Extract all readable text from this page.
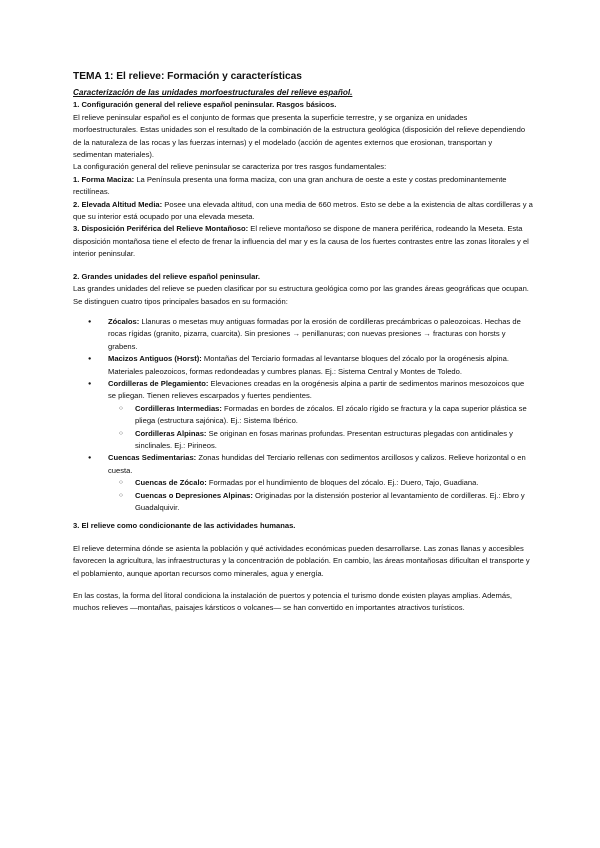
TEMA 1: El relieve: Formación y características

Caracterización de las unidades morfoestructurales del relieve español.

1. Configuración general del relieve español peninsular. Rasgos básicos.

El relieve peninsular español es el conjunto de formas que presenta la superficie terrestre, y se organiza en unidades morfoestructurales. Estas unidades son el resultado de la combinación de la estructura geológica (disposición del relieve dependiendo de la naturaleza de las rocas y las fuerzas internas) y el modelado (acción de agentes externos que erosionan, transportan y sedimentan materiales).

La configuración general del relieve peninsular se caracteriza por tres rasgos fundamentales:

1. Forma Maciza: La Península presenta una forma maciza, con una gran anchura de oeste a este y costas predominantemente rectilíneas.

2. Elevada Altitud Media: Posee una elevada altitud, con una media de 660 metros. Esto se debe a la existencia de altas cordilleras y a que su interior está ocupado por una elevada meseta.

3. Disposición Periférica del Relieve Montañoso: El relieve montañoso se dispone de manera periférica, rodeando la Meseta. Esta disposición montañosa tiene el efecto de frenar la influencia del mar y es la causa de los fuertes contrastes entre las zonas litorales y el interior peninsular.

2. Grandes unidades del relieve español peninsular.

Las grandes unidades del relieve se pueden clasificar por su estructura geológica como por las grandes áreas geográficas que ocupan. Se distinguen cuatro tipos principales basados en su formación:

● Zócalos: Llanuras o mesetas muy antiguas formadas por la erosión de cordilleras precámbricas o paleozoicas. Hechas de rocas rígidas (granito, pizarra, cuarcita). Sin presiones → penillanuras; con nuevas presiones → fracturas con horsts y grabens.
● Macizos Antiguos (Horst): Montañas del Terciario formadas al levantarse bloques del zócalo por la orogénesis alpina. Materiales paleozoicos, formas redondeadas y cumbres planas. Ej.: Sistema Central y Montes de Toledo.
● Cordilleras de Plegamiento: Elevaciones creadas en la orogénesis alpina a partir de sedimentos marinos mesozoicos que se pliegan. Tienen relieves escarpados y fuertes pendientes.
○ Cordilleras Intermedias: Formadas en bordes de zócalos. El zócalo rígido se fractura y la capa superior plástica se pliega (estructura sajónica). Ej.: Sistema Ibérico.
○ Cordilleras Alpinas: Se originan en fosas marinas profundas. Presentan estructuras plegadas con antidinales y sinclinales. Ej.: Pirineos.
● Cuencas Sedimentarias: Zonas hundidas del Terciario rellenas con sedimentos arcillosos y calizos. Relieve horizontal o en cuesta.
○ Cuencas de Zócalo: Formadas por el hundimiento de bloques del zócalo. Ej.: Duero, Tajo, Guadiana.
○ Cuencas o Depresiones Alpinas: Originadas por la distensión posterior al levantamiento de cordilleras. Ej.: Ebro y Guadalquivir.

3. El relieve como condicionante de las actividades humanas.

El relieve determina dónde se asienta la población y qué actividades económicas pueden desarrollarse. Las zonas llanas y accesibles favorecen la agricultura, las infraestructuras y la concentración de población. En cambio, las áreas montañosas dificultan el transporte y el poblamiento, aunque aportan recursos como minerales, agua y energía.

En las costas, la forma del litoral condiciona la instalación de puertos y potencia el turismo donde existen playas amplias. Además, muchos relieves —montañas, paisajes kársticos o volcanes— se han convertido en importantes atractivos turísticos.
